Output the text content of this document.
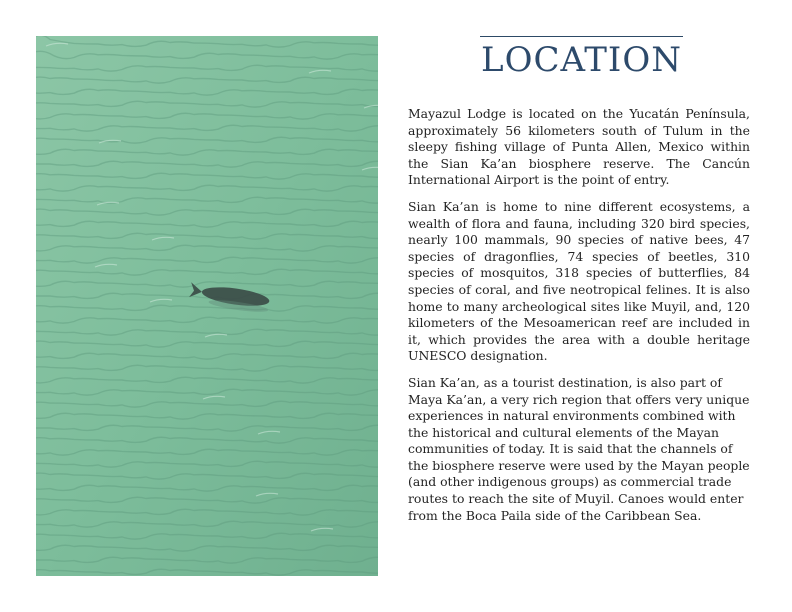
LOCATION

Mayazul Lodge is located on the Yucatán Península, approximately 56 kilometers south of Tulum in the sleepy fishing village of Punta Allen, Mexico within the Sian Ka’an biosphere reserve. The Cancún International Airport is the point of entry.

Sian Ka’an is home to nine different ecosystems, a wealth of flora and fauna, including 320 bird species, nearly 100 mammals, 90 species of native bees, 47 species of dragonflies, 74 species of beetles, 310 species of mosquitos, 318 species of butterflies, 84 species of coral, and five neotropical felines. It is also home to many archeological sites like Muyil, and, 120 kilometers of the Mesoamerican reef are included in it, which provides the area with a double heritage UNESCO designation.

Sian Ka’an, as a tourist destination, is also part of Maya Ka’an, a very rich region that offers very unique experiences in natural environments combined with the historical and cultural elements of the Mayan communities of today. It is said that the channels of the biosphere reserve were used by the Mayan people (and other indigenous groups) as commercial trade routes to reach the site of Muyil. Canoes would enter from the Boca Paila side of the Caribbean Sea.
